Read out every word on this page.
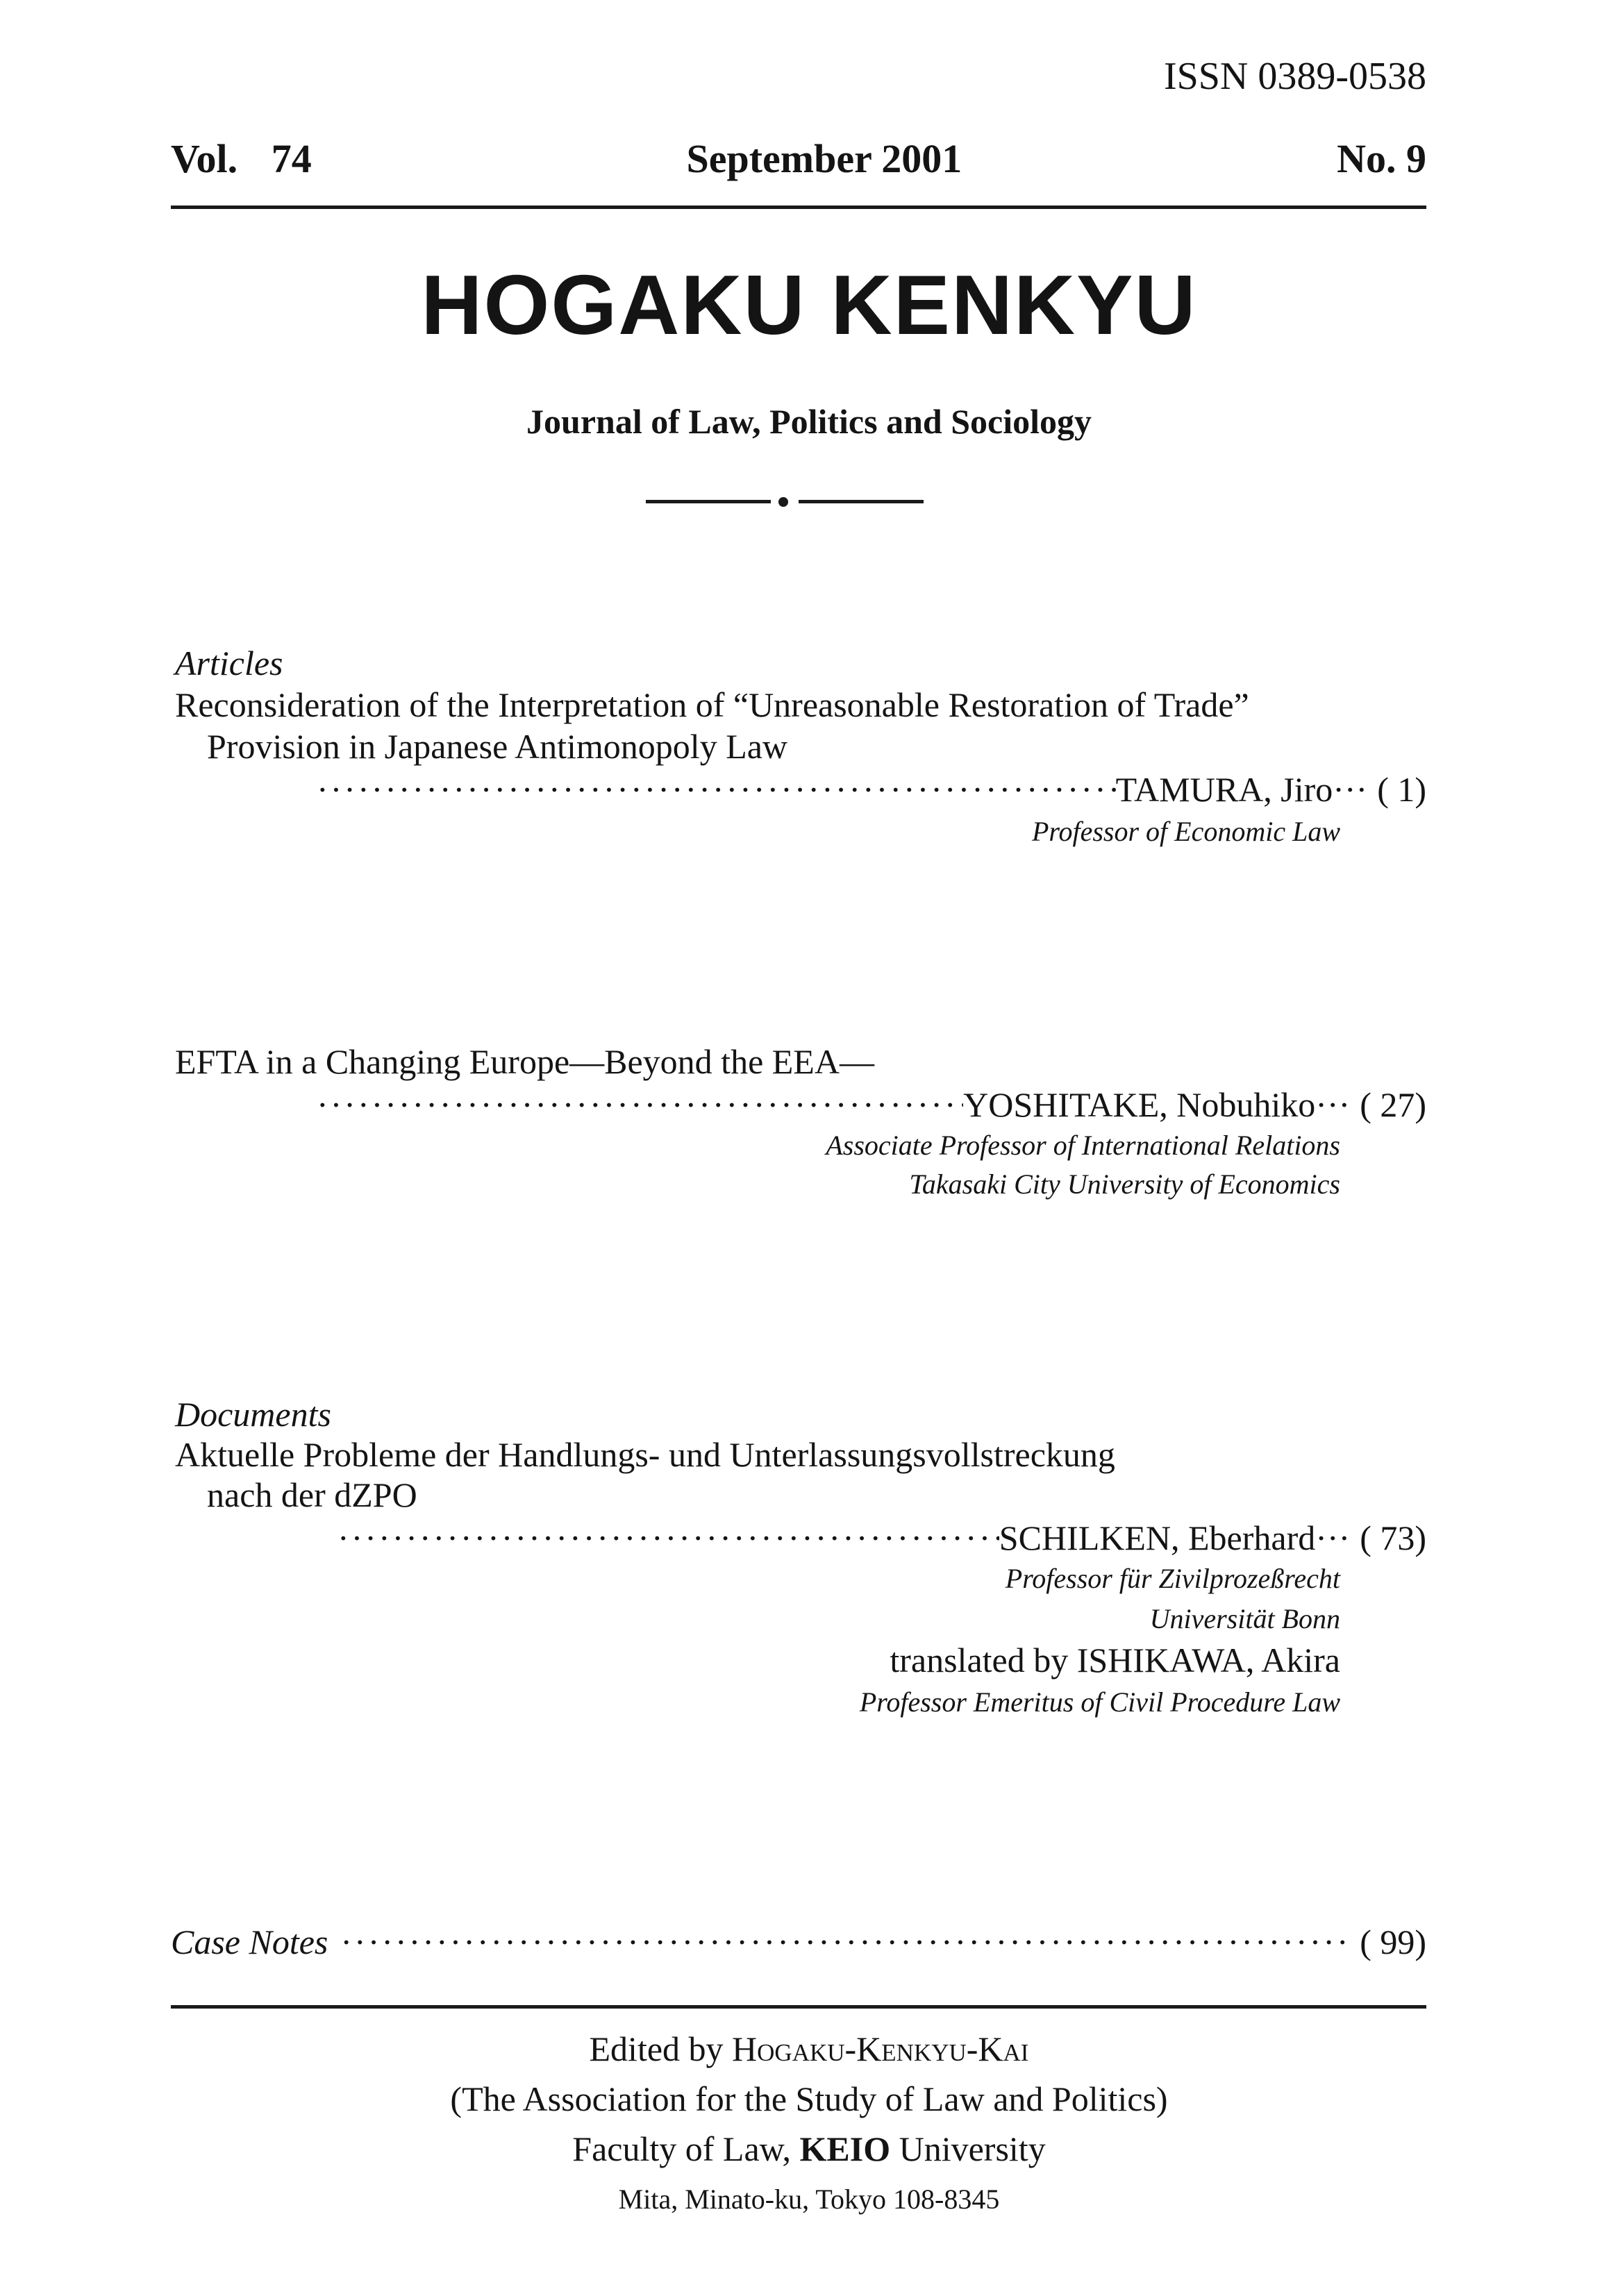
ISSN 0389-0538
Vol. 74	September 2001	No. 9
HOGAKU KENKYU
Journal of Law, Politics and Sociology
Articles
Reconsideration of the Interpretation of “Unreasonable Restoration of Trade”
Provision in Japanese Antimonopoly Law
·····
TAMURA, Jiro··· ( 1)
Professor of Economic Law
EFTA in a Changing Europe—Beyond the EEA—
·····
YOSHITAKE, Nobuhiko··· ( 27)
Associate Professor of International Relations
Takasaki City University of Economics
Documents
Aktuelle Probleme der Handlungs- und Unterlassungsvollstreckung
nach der dZPO
·····
SCHILKEN, Eberhard··· ( 73)
Professor für Zivilprozeßrecht
Universität Bonn
translated by ISHIKAWA, Akira
Professor Emeritus of Civil Procedure Law
Case Notes
·····	( 99)
Edited by Hogaku-Kenkyu-Kai
(The Association for the Study of Law and Politics)
Faculty of Law, KEIO University
Mita, Minato-ku, Tokyo 108-8345
